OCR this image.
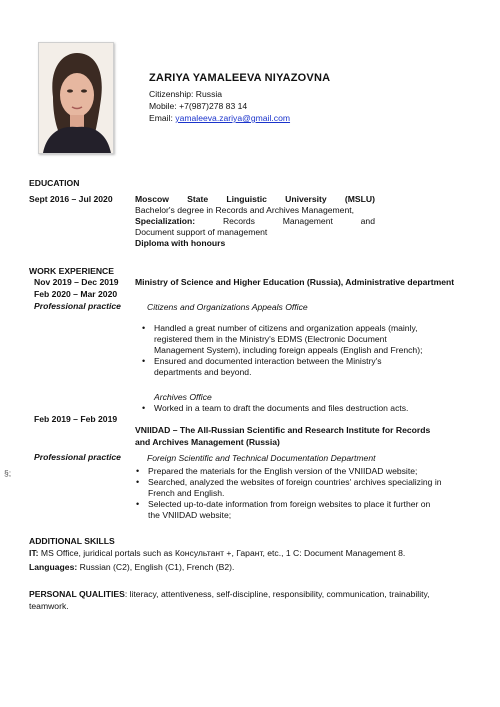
ZARIYA YAMALEEVA NIYAZOVNA
Citizenship: Russia
Mobile: +7(987)278 83 14
Email: yamaleeva.zariya@gmail.com
EDUCATION
Sept 2016 – Jul 2020	Moscow State Linguistic University (MSLU)
Bachelor's degree in Records and Archives Management,
Specialization:	Records	Management	and
Document support of management
Diploma with honours
WORK EXPERIENCE
Nov 2019 – Dec 2019
Feb 2020 – Mar 2020
Ministry of Science and Higher Education (Russia), Administrative department
Professional practice	Citizens and Organizations Appeals Office
• Handled a great number of citizens and organization appeals (mainly, registered them in the Ministry's EDMS (Electronic Document Management System), including foreign appeals (English and French);
• Ensured and documented interaction between the Ministry's departments and beyond.
Archives Office
• Worked in a team to draft the documents and files destruction acts.
Feb 2019 – Feb 2019
VNIIDAD – The All-Russian Scientific and Research Institute for Records
and Archives Management (Russia)
Professional practice	Foreign Scientific and Technical Documentation Department
§;
•	Prepared the materials for the English version of the VNIIDAD website;
• Searched, analyzed the websites of foreign countries' archives specializing in French and English.
• Selected up-to-date information from foreign websites to place it further on the VNIIDAD website;
ADDITIONAL SKILLS
IT: MS Office, juridical portals such as Консультант +, Гарант, etc., 1 C: Document Management 8.
Languages: Russian (C2), English (C1), French (B2).
PERSONAL QUALITIES: literacy, attentiveness, self-discipline, responsibility, communication, trainability,
teamwork.
